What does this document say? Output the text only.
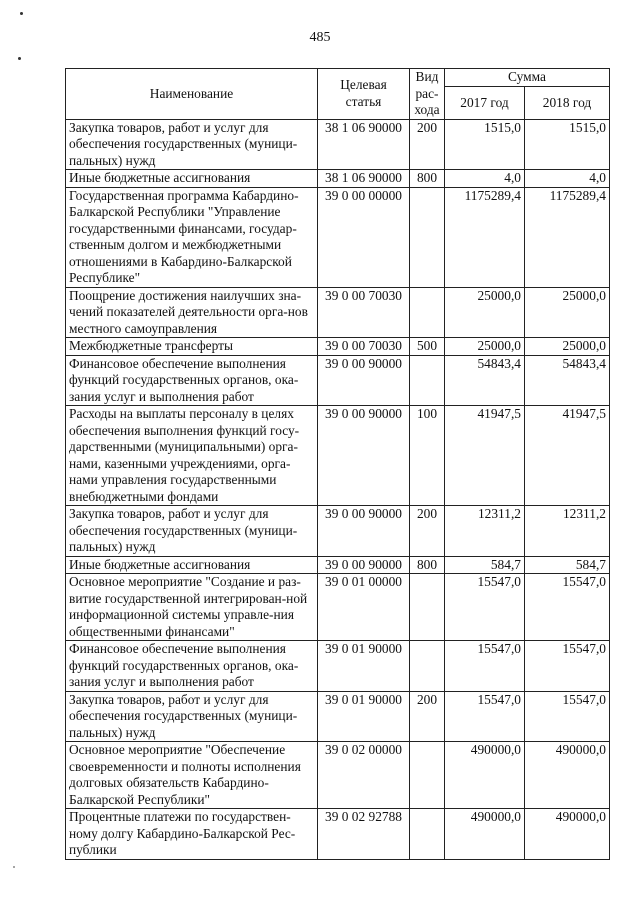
485
Наименование	Целевая статья	Вид рас-хода	Сумма	
			2017 год	2018 год
Закупка товаров, работ и услуг для обеспечения государственных (муници-пальных) нужд	38 1 06 90000	200	1515,0	1515,0
Иные бюджетные ассигнования	38 1 06 90000	800	4,0	4,0
Государственная программа Кабардино-Балкарской Республики "Управление государственными финансами, государ-ственным долгом и межбюджетными отношениями в Кабардино-Балкарской Республике"	39 0 00 00000		1175289,4	1175289,4
Поощрение достижения наилучших зна-чений показателей деятельности орга-нов местного самоуправления	39 0 00 70030		25000,0	25000,0
Межбюджетные трансферты	39 0 00 70030	500	25000,0	25000,0
Финансовое обеспечение выполнения функций государственных органов, ока-зания услуг и выполнения работ	39 0 00 90000		54843,4	54843,4
Расходы на выплаты персоналу в целях обеспечения выполнения функций госу-дарственными (муниципальными) орга-нами, казенными учреждениями, орга-нами управления государственными внебюджетными фондами	39 0 00 90000	100	41947,5	41947,5
Закупка товаров, работ и услуг для обеспечения государственных (муници-пальных) нужд	39 0 00 90000	200	12311,2	12311,2
Иные бюджетные ассигнования	39 0 00 90000	800	584,7	584,7
Основное мероприятие "Создание и раз-витие государственной интегрирован-ной информационной системы управле-ния общественными финансами"	39 0 01 00000		15547,0	15547,0
Финансовое обеспечение выполнения функций государственных органов, ока-зания услуг и выполнения работ	39 0 01 90000		15547,0	15547,0
Закупка товаров, работ и услуг для обеспечения государственных (муници-пальных) нужд	39 0 01 90000	200	15547,0	15547,0
Основное мероприятие "Обеспечение своевременности и полноты исполнения долговых обязательств Кабардино-Балкарской Республики"	39 0 02 00000		490000,0	490000,0
Процентные платежи по государствен-ному долгу Кабардино-Балкарской Рес-публики	39 0 02 92788		490000,0	490000,0
